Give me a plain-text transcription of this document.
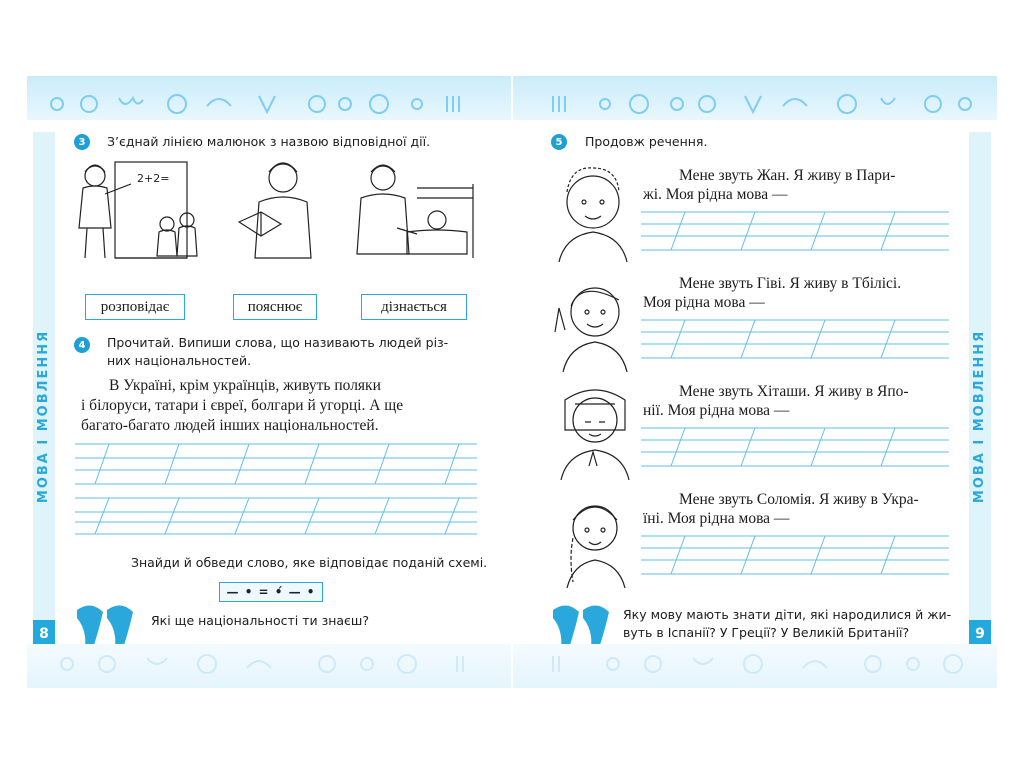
МОВА І МОВЛЕННЯ
8
3	З’єднай лінією малюнок з назвою відповідної дії.
2+2=
розповідає	пояснює	дізнається
4	Прочитай. Випиши слова, що називають людей різ-
них національностей.
В Україні, крім українців, живуть поляки
і білоруси, татари і євреї, болгари й угорці. А ще
багато-багато людей інших національностей.
Знайди й обведи слово, яке відповідає поданій схемі.
— • = •́ — •
Які ще національності ти знаєш?
МОВА І МОВЛЕННЯ
9
5	Продовж речення.
Мене звуть Жан. Я живу в Пари-
жі. Моя рідна мова —
Мене звуть Гіві. Я живу в Тбілісі.
Моя рідна мова —
Мене звуть Хіташи. Я живу в Япо-
нії. Моя рідна мова —
Мене звуть Соломія. Я живу в Укра-
їні. Моя рідна мова —
Яку мову мають знати діти, які народилися й жи-
вуть в Іспанії? У Греції? У Великій Британії?
